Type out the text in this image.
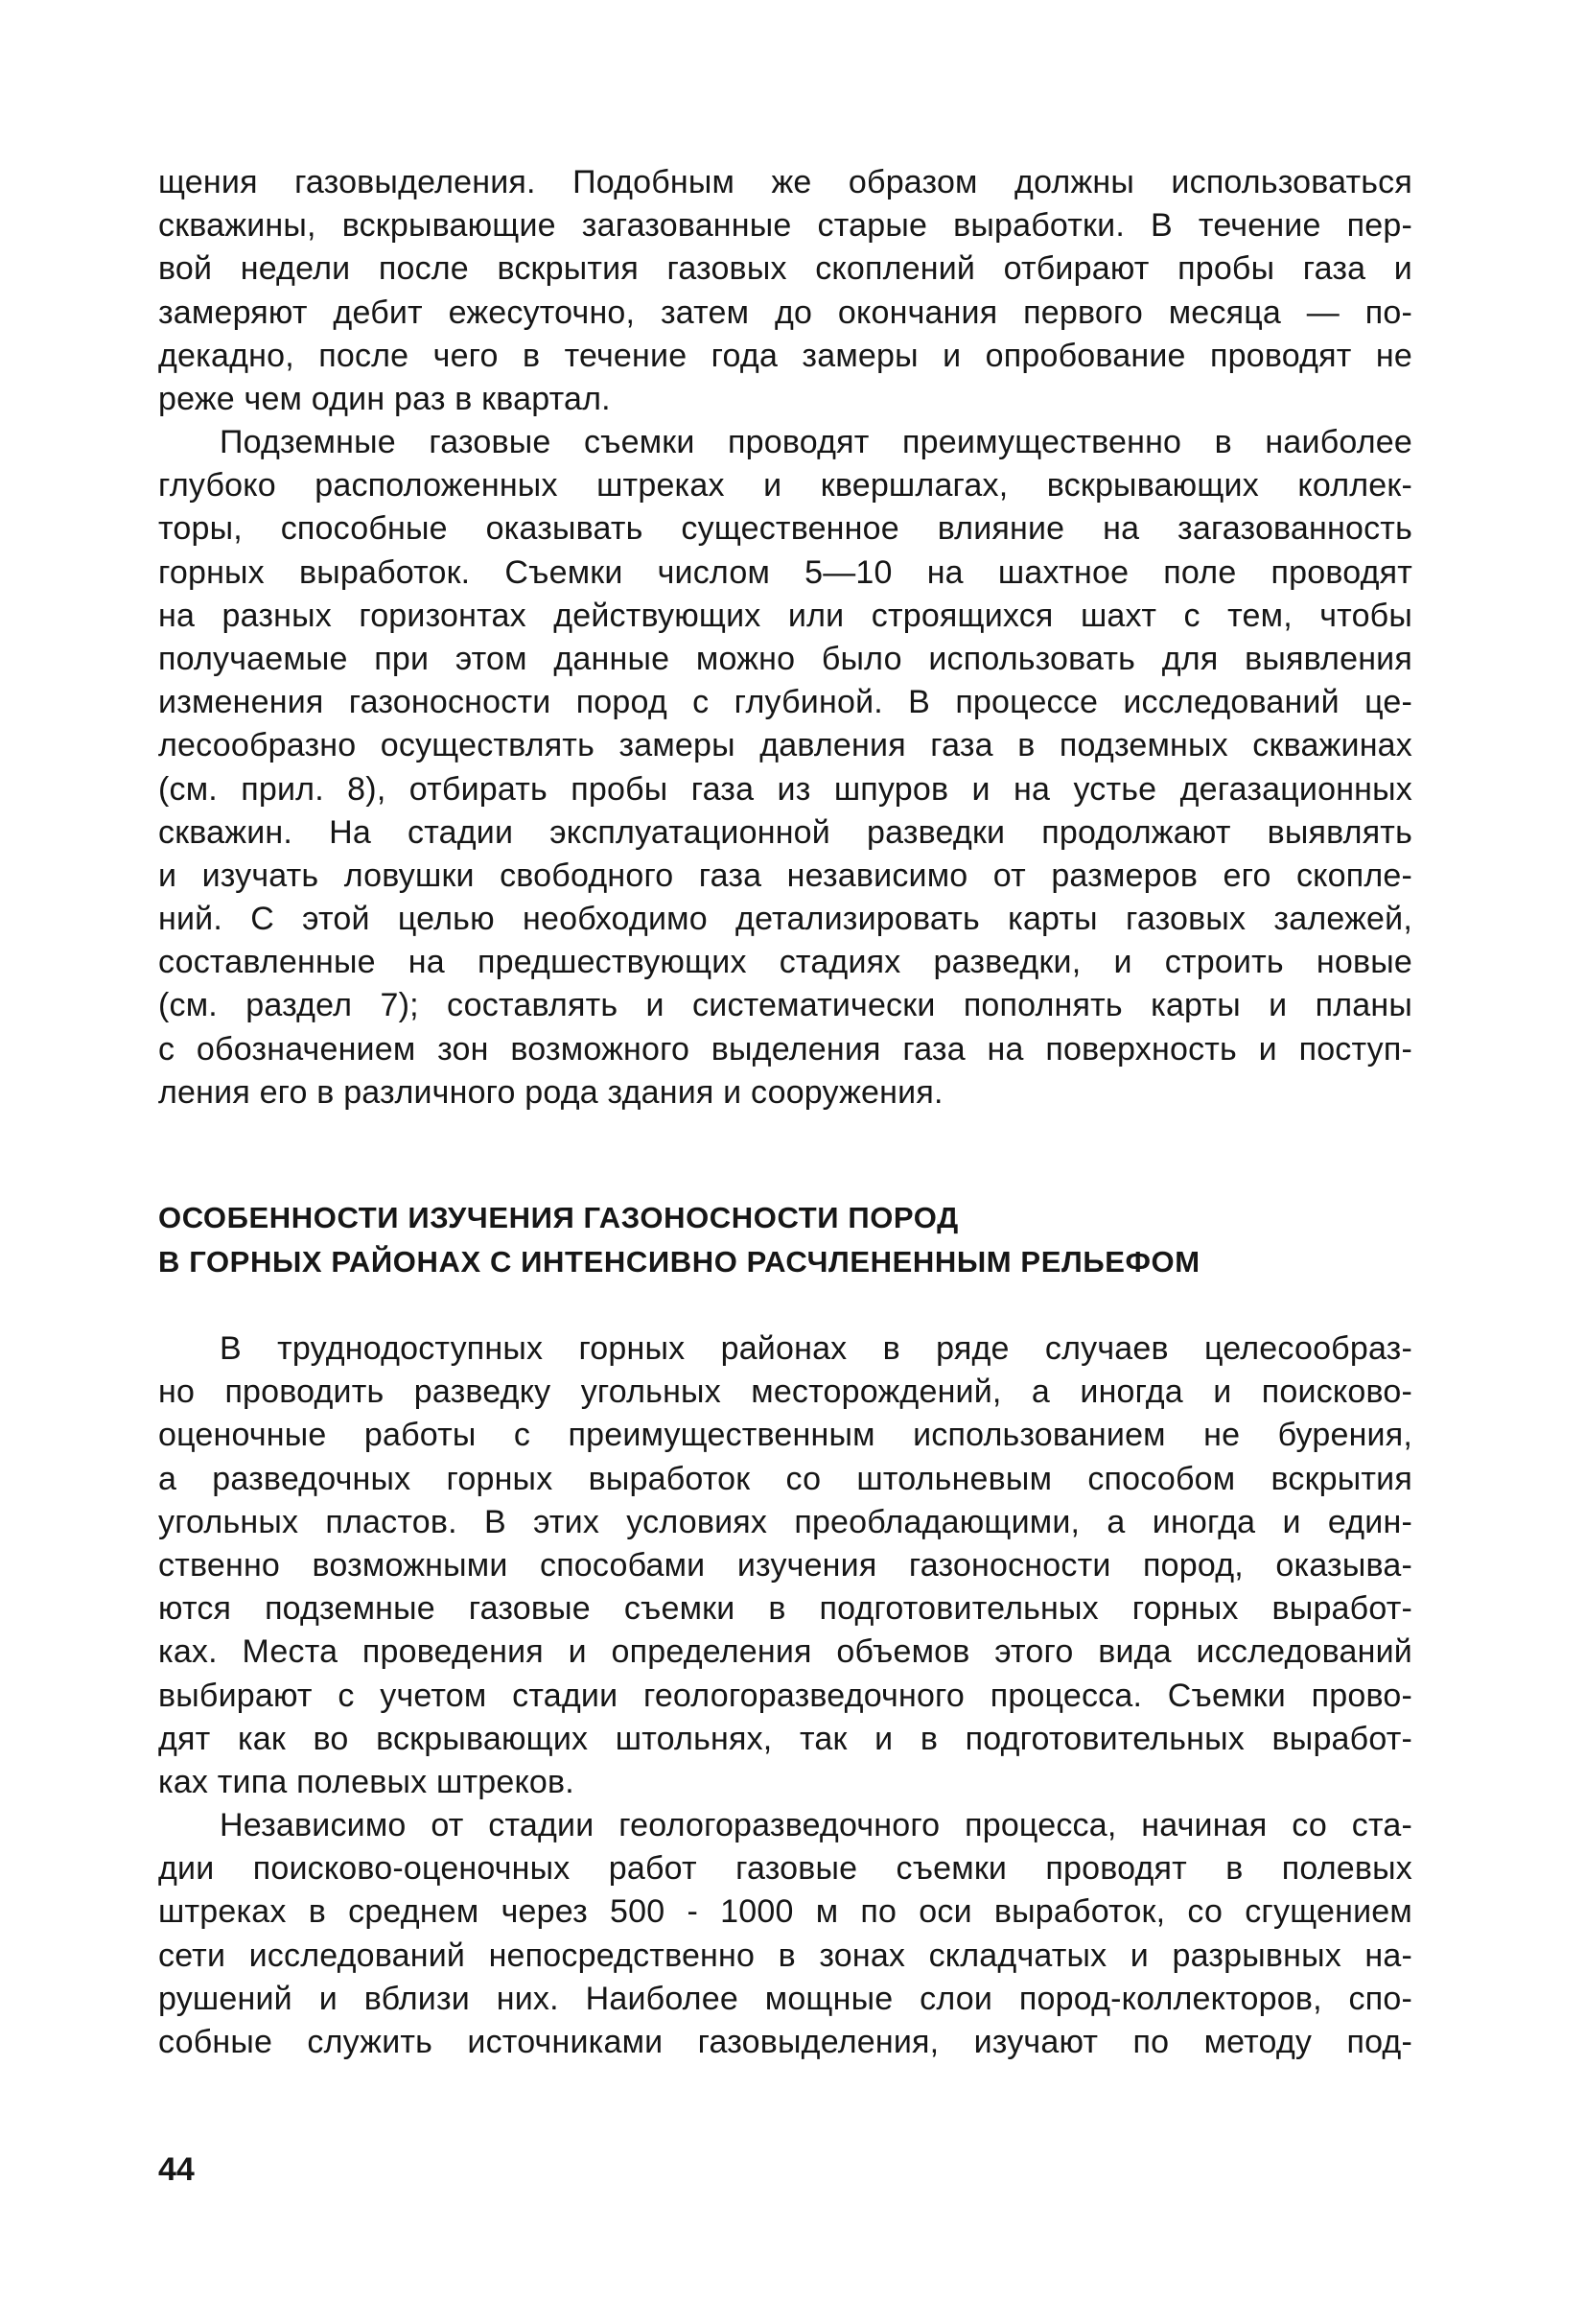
щения газовыделения. Подобным же образом должны использоваться
скважины, вскрывающие загазованные старые выработки. В течение пер-
вой недели после вскрытия газовых скоплений отбирают пробы газа и
замеряют дебит ежесуточно, затем до окончания первого месяца — по-
декадно, после чего в течение года замеры и опробование проводят не
реже чем один раз в квартал.
Подземные газовые съемки проводят преимущественно в наиболее
глубоко расположенных штреках и квершлагах, вскрывающих коллек-
торы, способные оказывать существенное влияние на загазованность
горных выработок. Съемки числом 5—10 на шахтное поле проводят
на разных горизонтах действующих или строящихся шахт с тем, чтобы
получаемые при этом данные можно было использовать для выявления
изменения газоносности пород с глубиной. В процессе исследований це-
лесообразно осуществлять замеры давления газа в подземных скважинах
(см. прил. 8), отбирать пробы газа из шпуров и на устье дегазационных
скважин. На стадии эксплуатационной разведки продолжают выявлять
и изучать ловушки свободного газа независимо от размеров его скопле-
ний. С этой целью необходимо детализировать карты газовых залежей,
составленные на предшествующих стадиях разведки, и строить новые
(см. раздел 7); составлять и систематически пополнять карты и планы
с обозначением зон возможного выделения газа на поверхность и поступ-
ления его в различного рода здания и сооружения.
ОСОБЕННОСТИ ИЗУЧЕНИЯ ГАЗОНОСНОСТИ ПОРОД
В ГОРНЫХ РАЙОНАХ С ИНТЕНСИВНО РАСЧЛЕНЕННЫМ РЕЛЬЕФОМ
В труднодоступных горных районах в ряде случаев целесообраз-
но проводить разведку угольных месторождений, а иногда и поисково-
оценочные работы с преимущественным использованием не бурения,
а разведочных горных выработок со штольневым способом вскрытия
угольных пластов. В этих условиях преобладающими, а иногда и един-
ственно возможными способами изучения газоносности пород, оказыва-
ются подземные газовые съемки в подготовительных горных выработ-
ках. Места проведения и определения объемов этого вида исследований
выбирают с учетом стадии геологоразведочного процесса. Съемки прово-
дят как во вскрывающих штольнях, так и в подготовительных выработ-
ках типа полевых штреков.
Независимо от стадии геологоразведочного процесса, начиная со ста-
дии поисково-оценочных работ газовые съемки проводят в полевых
штреках в среднем через 500 - 1000 м по оси выработок, со сгущением
сети исследований непосредственно в зонах складчатых и разрывных на-
рушений и вблизи них. Наиболее мощные слои пород-коллекторов, спо-
собные служить источниками газовыделения, изучают по методу под-
44
